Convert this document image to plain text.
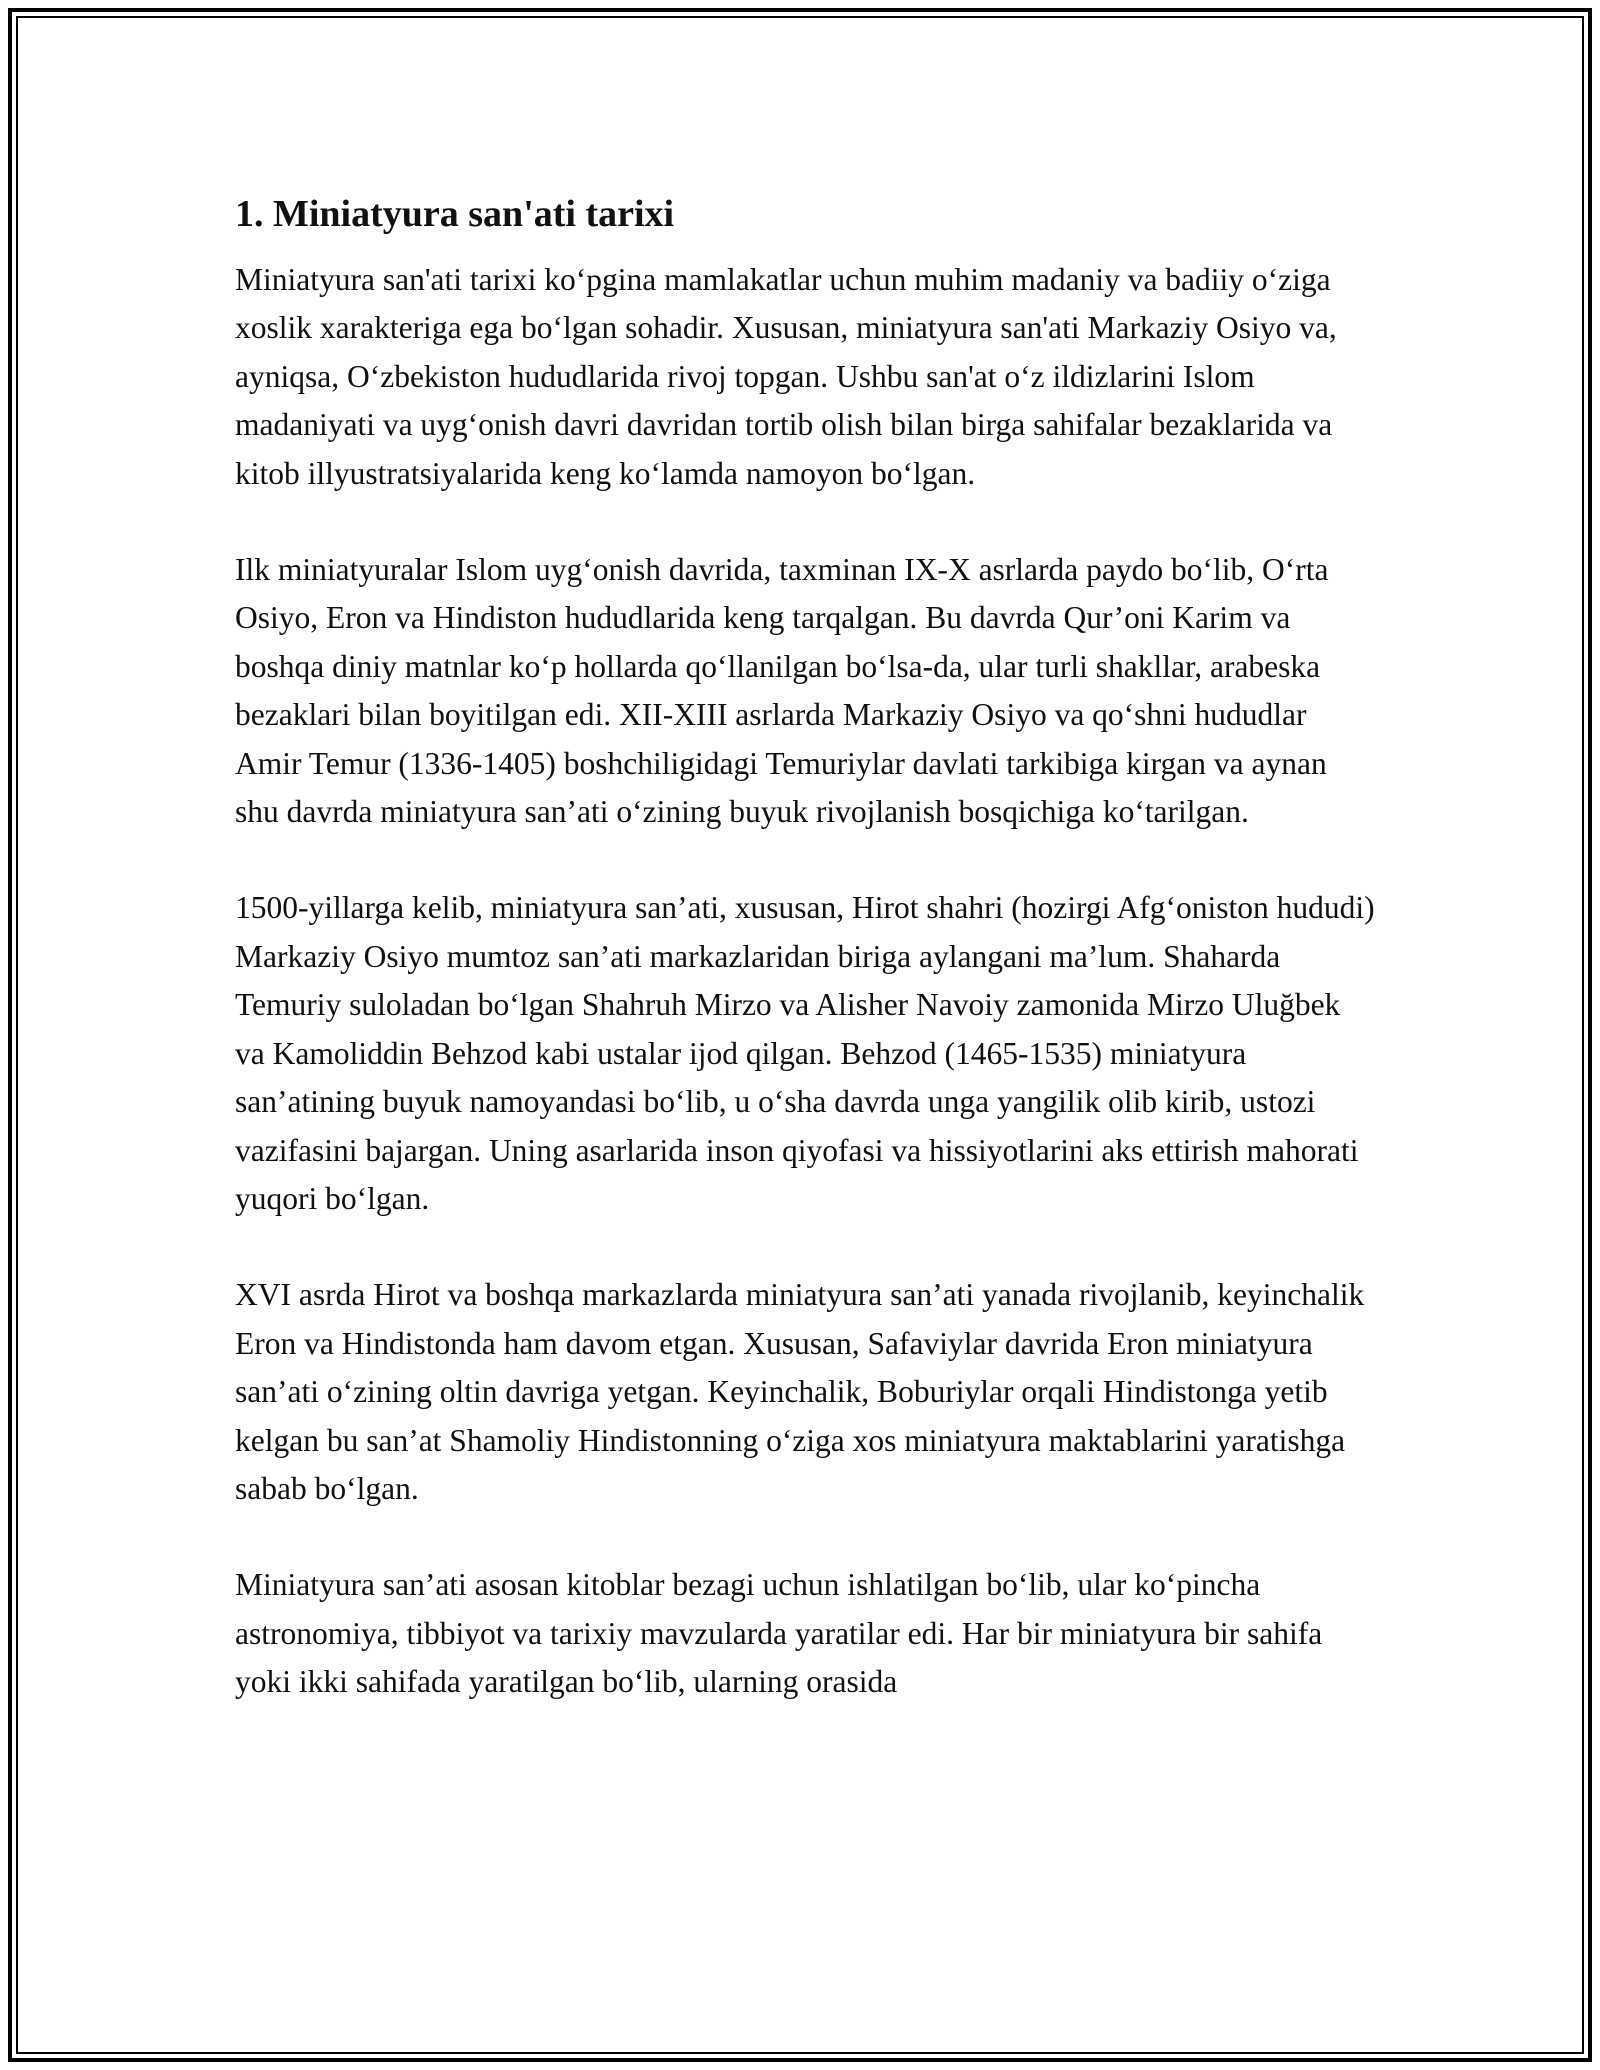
1. Miniatyura san'ati tarixi

Miniatyura san'ati tarixi koʻpgina mamlakatlar uchun muhim madaniy va badiiy oʻziga xoslik xarakteriga ega boʻlgan sohadir. Xususan, miniatyura san'ati Markaziy Osiyo va, ayniqsa, Oʻzbekiston hududlarida rivoj topgan. Ushbu san'at oʻz ildizlarini Islom madaniyati va uygʻonish davri davridan tortib olish bilan birga sahifalar bezaklarida va kitob illyustratsiyalarida keng koʻlamda namoyon boʻlgan.

Ilk miniatyuralar Islom uygʻonish davrida, taxminan IX-X asrlarda paydo boʻlib, Oʻrta Osiyo, Eron va Hindiston hududlarida keng tarqalgan. Bu davrda Qur’oni Karim va boshqa diniy matnlar koʻp hollarda qoʻllanilgan boʻlsa-da, ular turli shakllar, arabeska bezaklari bilan boyitilgan edi. XII-XIII asrlarda Markaziy Osiyo va qoʻshni hududlar Amir Temur (1336-1405) boshchiligidagi Temuriylar davlati tarkibiga kirgan va aynan shu davrda miniatyura san’ati oʻzining buyuk rivojlanish bosqichiga koʻtarilgan.

1500-yillarga kelib, miniatyura san’ati, xususan, Hirot shahri (hozirgi Afgʻoniston hududi) Markaziy Osiyo mumtoz san’ati markazlaridan biriga aylangani ma’lum. Shaharda Temuriy suloladan boʻlgan Shahruh Mirzo va Alisher Navoiy zamonida Mirzo Uluğbek va Kamoliddin Behzod kabi ustalar ijod qilgan. Behzod (1465-1535) miniatyura san’atining buyuk namoyandasi boʻlib, u oʻsha davrda unga yangilik olib kirib, ustozi vazifasini bajargan. Uning asarlarida inson qiyofasi va hissiyotlarini aks ettirish mahorati yuqori boʻlgan.

XVI asrda Hirot va boshqa markazlarda miniatyura san’ati yanada rivojlanib, keyinchalik Eron va Hindistonda ham davom etgan. Xususan, Safaviylar davrida Eron miniatyura san’ati oʻzining oltin davriga yetgan. Keyinchalik, Boburiylar orqali Hindistonga yetib kelgan bu san’at Shamoliy Hindistonning oʻziga xos miniatyura maktablarini yaratishga sabab boʻlgan.

Miniatyura san’ati asosan kitoblar bezagi uchun ishlatilgan boʻlib, ular koʻpincha astronomiya, tibbiyot va tarixiy mavzularda yaratilar edi. Har bir miniatyura bir sahifa yoki ikki sahifada yaratilgan boʻlib, ularning orasida
